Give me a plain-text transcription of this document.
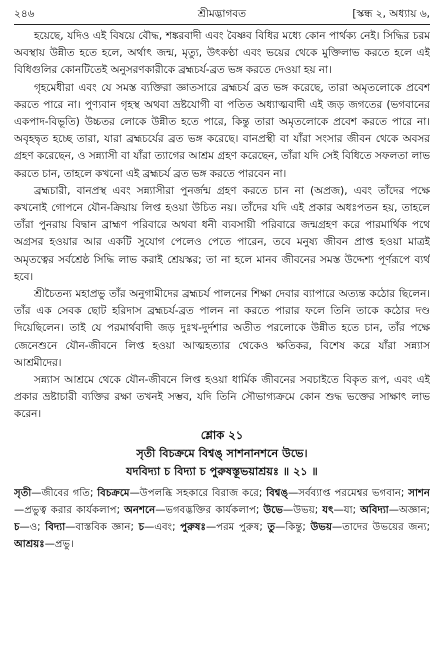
২৪৬	শ্রীমদ্ভাগবত	[স্কন্ধ ২, অধ্যায় ৬,

হয়েছে, যদিও এই বিষয়ে বৌদ্ধ, শঙ্করবাদী এবং বৈষ্ণব বিধির মধ্যে কোন পার্থক্য নেই। সিদ্ধির চরম অবস্থায় উন্নীত হতে হলে, অর্থাৎ জন্ম, মৃত্যু, উৎকণ্ঠা এবং ভয়ের থেকে মুক্তিলাভ করতে হলে এই বিধিগুলির কোনটিতেই অনুসরণকারীকে ব্রহ্মচর্য-ব্রত ভঙ্গ করতে দেওয়া হয় না।

গৃহমেধীরা এবং যে সমস্ত ব্যক্তিরা জ্ঞাতসারে ব্রহ্মচর্য ব্রত ভঙ্গ করেছে, তারা অমৃতলোকে প্রবেশ করতে পারে না। পুণ্যবান গৃহস্থ অথবা ভ্রষ্টযোগী বা পতিত অধ্যাত্মবাদী এই জড় জগতের (ভগবানের একপাদ-বিভূতি) উচ্চতর লোকে উন্নীত হতে পারে, কিন্তু তারা অমৃতলোকে প্রবেশ করতে পারে না। অবৃহদ্বৃত হচ্ছে তারা, যারা ব্রহ্মচর্যের ব্রত ভঙ্গ করেছে। বানপ্রস্থী বা যাঁরা সংসার জীবন থেকে অবসর গ্রহণ করেছেন, ও সন্ন্যাসী বা যাঁরা ত্যাগের আশ্রম গ্রহণ করেছেন, তাঁরা যদি সেই বিধিতে সফলতা লাভ করতে চান, তাহলে কখনো এই ব্রহ্মচর্য ব্রত ভঙ্গ করতে পারবেন না।

ব্রহ্মচারী, বানপ্রস্থ এবং সন্ন্যাসীরা পুনর্জন্ম গ্রহণ করতে চান না (অপ্রজ), এবং তাঁদের পক্ষে কখনোই গোপনে যৌন-ক্রিয়ায় লিপ্ত হওয়া উচিত নয়। তাঁদের যদি এই প্রকার অধঃপতন হয়, তাহলে তাঁরা পুনরায় বিদ্বান ব্রাহ্মণ পরিবারে অথবা ধনী ব্যবসায়ী পরিবারে জন্মগ্রহণ করে পারমার্থিক পথে অগ্রসর হওয়ার আর একটি সুযোগ পেলেও পেতে পারেন, তবে মনুষ্য জীবন প্রাপ্ত হওয়া মাত্রই অমৃতত্বের সর্বশ্রেষ্ঠ সিদ্ধি লাভ করাই শ্রেয়স্কর; তা না হলে মানব জীবনের সমস্ত উদ্দেশ্য পূর্ণরূপে ব্যর্থ হবে।

শ্রীচৈতন্য মহাপ্রভু তাঁর অনুগামীদের ব্রহ্মচর্য পালনের শিক্ষা দেবার ব্যাপারে অত্যন্ত কঠোর ছিলেন। তাঁর এক সেবক ছোট হরিদাস ব্রহ্মচর্য-ব্রত পালন না করতে পারার ফলে তিনি তাকে কঠোর দণ্ড দিয়েছিলেন। তাই যে পরমার্থবাদী জড় দুঃখ-দুর্দশার অতীত পরলোকে উন্নীত হতে চান, তাঁর পক্ষে জেনেশুনে যৌন-জীবনে লিপ্ত হওয়া আত্মহত্যার থেকেও ক্ষতিকর, বিশেষ করে যাঁরা সন্ন্যাস আশ্রমীদের।

সন্ন্যাস আশ্রমে থেকে যৌন-জীবনে লিপ্ত হওয়া ধার্মিক জীবনের সবচাইতে বিকৃত রূপ, এবং এই প্রকার ভ্রষ্টাচারী ব্যক্তির রক্ষা তখনই সম্ভব, যদি তিনি সৌভাগ্যক্রমে কোন শুদ্ধ ভক্তের সাক্ষাৎ লাভ করেন।

শ্লোক ২১
সৃতী বিচক্রমে বিশ্বঙ্ সাশনানশনে উভে।
যদবিদ্যা চ বিদ্যা চ পুরুষস্তূভয়াশ্রয়ঃ ॥ ২১ ॥
সৃতী—জীবের গতি; বিচক্রমে—উপলব্ধি সহকারে বিরাজ করে; বিশ্বঙ্—সর্বব্যাপ্ত পরমেশ্বর ভগবান; সাশন—প্রভুত্ব করার কার্যকলাপ; অনশনে—ভগবদ্ভক্তির কার্যকলাপ; উভে—উভয়; যৎ—যা; অবিদ্যা—অজ্ঞান; চ—ও; বিদ্যা—বাস্তবিক জ্ঞান; চ—এবং; পুরুষঃ—পরম পুরুষ; তু—কিন্তু; উভয়—তাদের উভয়ের জন্য; আশ্রয়ঃ—প্রভু।
